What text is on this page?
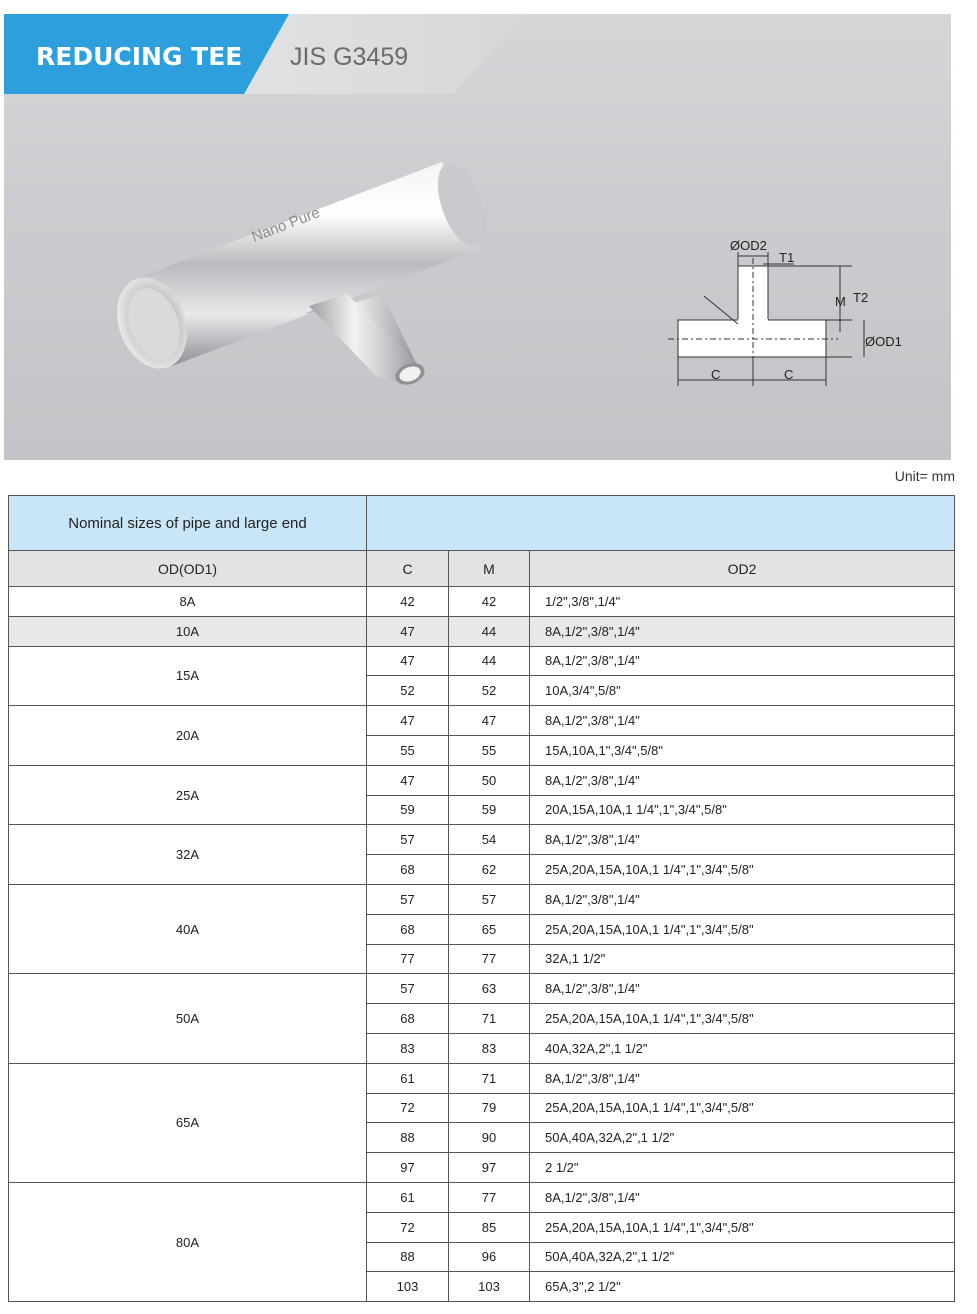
REDUCING TEE JIS G3459
Nano Pure	ØOD2
T1
M T2
ØOD1
C	C
Unit= mm
Nominal sizes of pipe and large end			
OD(OD1)	C	M	OD2
8A	42	42	1/2",3/8",1/4"
10A	47	44	8A,1/2",3/8",1/4"
15A	47	44	8A,1/2",3/8",1/4"
	52	52	10A,3/4",5/8"
20A	47	47	8A,1/2",3/8",1/4"
	55	55	15A,10A,1",3/4",5/8"
25A	47	50	8A,1/2",3/8",1/4"
	59	59	20A,15A,10A,1 1/4",1",3/4",5/8"
32A	57	54	8A,1/2",3/8",1/4"
	68	62	25A,20A,15A,10A,1 1/4",1",3/4",5/8"
40A	57	57	8A,1/2",3/8",1/4"
	68	65	25A,20A,15A,10A,1 1/4",1",3/4",5/8"
	77	77	32A,1 1/2"
50A	57	63	8A,1/2",3/8",1/4"
	68	71	25A,20A,15A,10A,1 1/4",1",3/4",5/8"
	83	83	40A,32A,2",1 1/2"
65A	61	71	8A,1/2",3/8",1/4"
	72	79	25A,20A,15A,10A,1 1/4",1",3/4",5/8"
	88	90	50A,40A,32A,2",1 1/2"
	97	97	2 1/2"
80A	61	77	8A,1/2",3/8",1/4"
	72	85	25A,20A,15A,10A,1 1/4",1",3/4",5/8"
	88	96	50A,40A,32A,2",1 1/2"
	103	103	65A,3",2 1/2"
